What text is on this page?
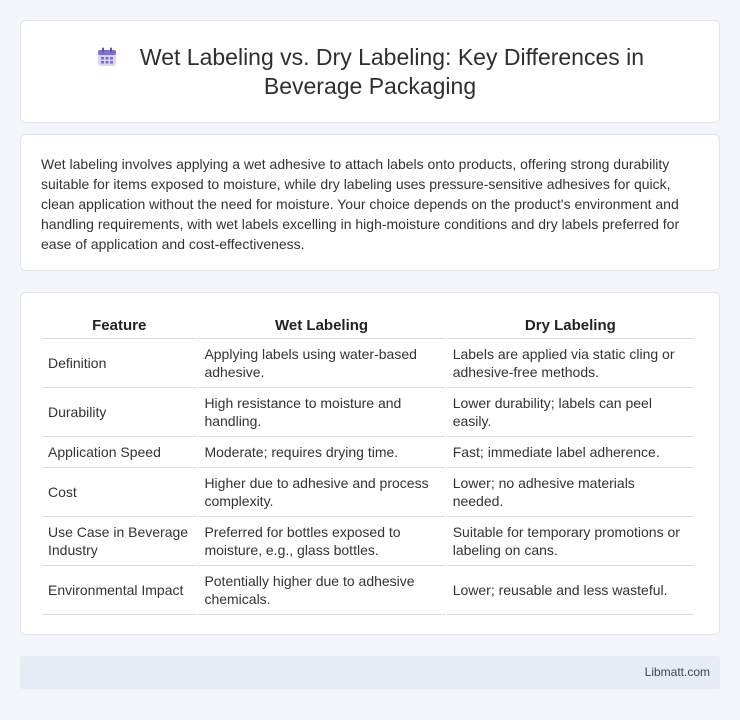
Wet Labeling vs. Dry Labeling: Key Differences in Beverage Packaging

Wet labeling involves applying a wet adhesive to attach labels onto products, offering strong durability suitable for items exposed to moisture, while dry labeling uses pressure-sensitive adhesives for quick, clean application without the need for moisture. Your choice depends on the product's environment and handling requirements, with wet labels excelling in high-moisture conditions and dry labels preferred for ease of application and cost-effectiveness.

Feature	Wet Labeling	Dry Labeling
Definition	Applying labels using water-based adhesive.	Labels are applied via static cling or adhesive-free methods.
Durability	High resistance to moisture and handling.	Lower durability; labels can peel easily.
Application Speed	Moderate; requires drying time.	Fast; immediate label adherence.
Cost	Higher due to adhesive and process complexity.	Lower; no adhesive materials needed.
Use Case in Beverage Industry	Preferred for bottles exposed to moisture, e.g., glass bottles.	Suitable for temporary promotions or labeling on cans.
Environmental Impact	Potentially higher due to adhesive chemicals.	Lower; reusable and less wasteful.
Libmatt.com
